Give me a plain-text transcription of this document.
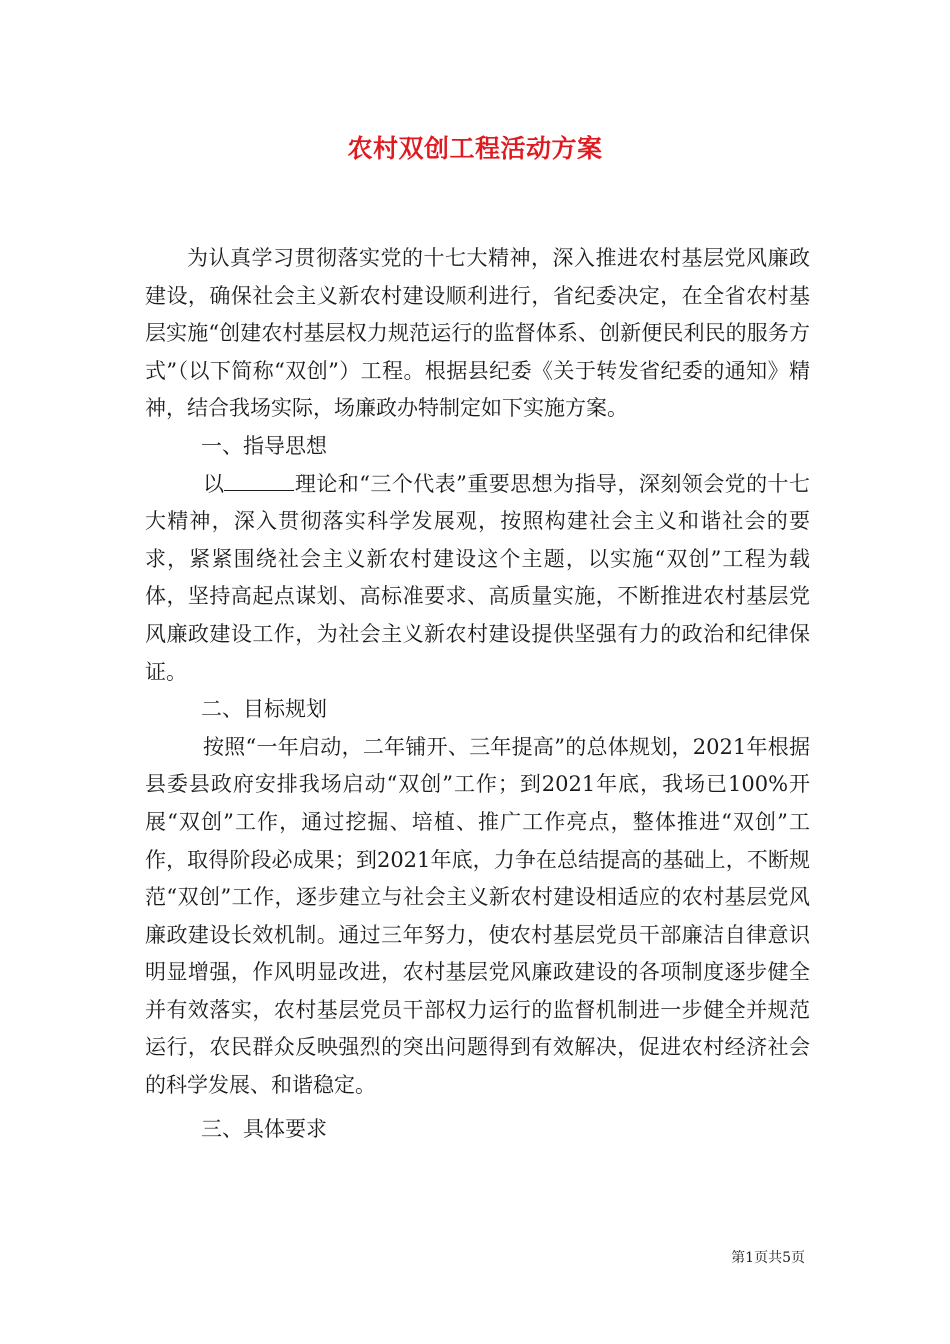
农村双创工程活动方案

为认真学习贯彻落实党的十七大精神，深入推进农村基层党风廉政建设，确保社会主义新农村建设顺利进行，省纪委决定，在全省农村基层实施“创建农村基层权力规范运行的监督体系、创新便民利民的服务方式”（以下简称“双创”）工程。根据县纪委《关于转发省纪委的通知》精神，结合我场实际，场廉政办特制定如下实施方案。

一、指导思想

以	理论和“三个代表”重要思想为指导，深刻领会党的十七大精神，深入贯彻落实科学发展观，按照构建社会主义和谐社会的要求，紧紧围绕社会主义新农村建设这个主题，以实施“双创”工程为载体，坚持高起点谋划、高标准要求、高质量实施，不断推进农村基层党风廉政建设工作，为社会主义新农村建设提供坚强有力的政治和纪律保证。

二、目标规划

按照“一年启动，二年铺开、三年提高”的总体规划，2021年根据县委县政府安排我场启动“双创”工作；到2021年底，我场已100%开展“双创”工作，通过挖掘、培植、推广工作亮点，整体推进“双创”工作，取得阶段必成果；到2021年底，力争在总结提高的基础上，不断规范“双创”工作，逐步建立与社会主义新农村建设相适应的农村基层党风廉政建设长效机制。通过三年努力，使农村基层党员干部廉洁自律意识明显增强，作风明显改进，农村基层党风廉政建设的各项制度逐步健全并有效落实，农村基层党员干部权力运行的监督机制进一步健全并规范运行，农民群众反映强烈的突出问题得到有效解决，促进农村经济社会的科学发展、和谐稳定。

三、具体要求

第1页共5页
